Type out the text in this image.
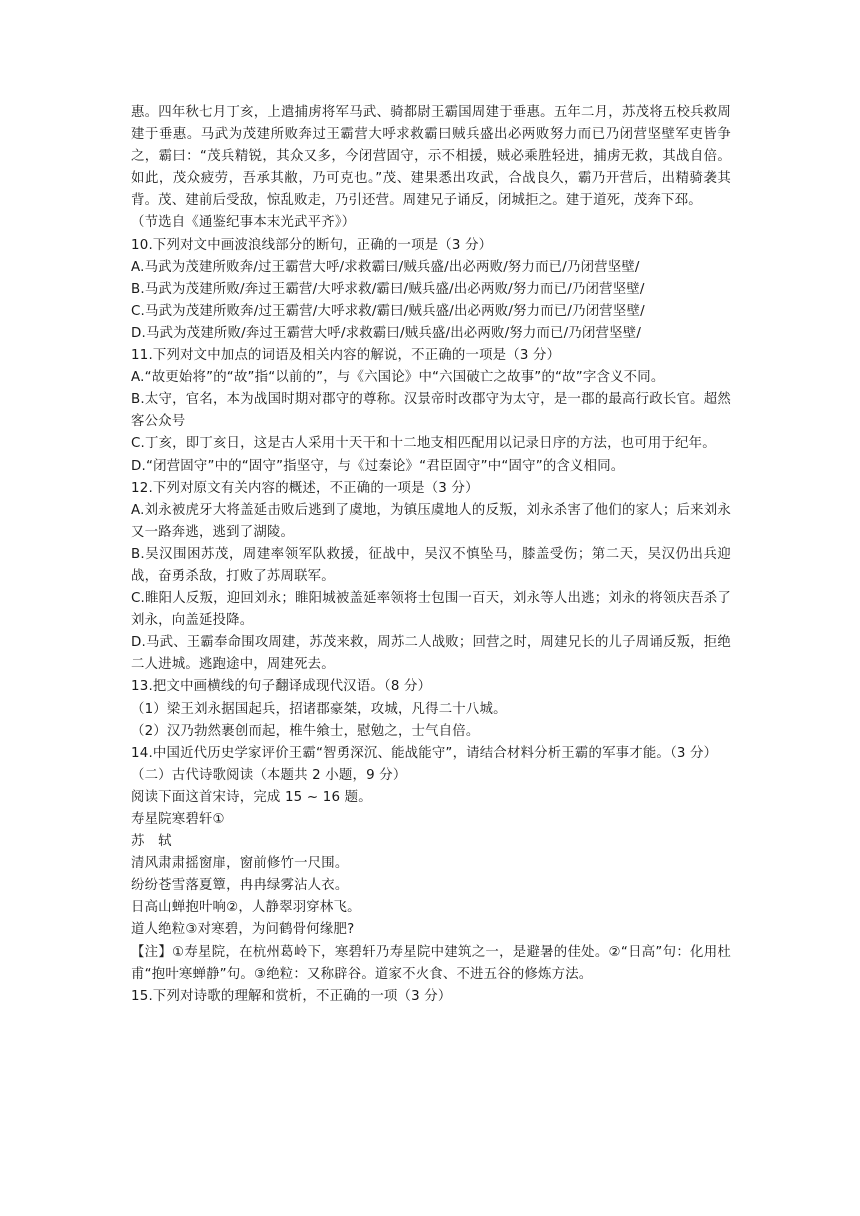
惠。四年秋七月丁亥，上遣捕虏将军马武、骑都尉王霸国周建于垂惠。五年二月，苏茂将五校兵救周建于垂惠。马武为茂建所败奔过王霸营大呼求救霸曰贼兵盛出必两败努力而已乃闭营坚壁军吏皆争之，霸曰：“茂兵精锐，其众又多，今闭营固守，示不相援，贼必乘胜轻进，捕虏无救，其战自倍。如此，茂众疲劳，吾承其敝，乃可克也。”茂、建果悉出攻武，合战良久，霸乃开营后，出精骑袭其背。茂、建前后受敌，惊乱败走，乃引还营。周建兄子诵反，闭城拒之。建于道死，茂奔下邳。

（节选自《通鉴纪事本末光武平齐》）

10.下列对文中画波浪线部分的断句，正确的一项是（3 分）

A.马武为茂建所败奔/过王霸营大呼/求救霸曰/贼兵盛/出必两败/努力而已/乃闭营坚壁/

B.马武为茂建所败/奔过王霸营/大呼求救/霸曰/贼兵盛/出必两败/努力而已/乃闭营坚壁/

C.马武为茂建所败奔/过王霸营/大呼求救/霸曰/贼兵盛/出必两败/努力而已/乃闭营坚壁/

D.马武为茂建所败/奔过王霸营大呼/求救霸曰/贼兵盛/出必两败/努力而已/乃闭营坚壁/

11.下列对文中加点的词语及相关内容的解说，不正确的一项是（3 分）

A.“故更始将”的“故”指“以前的”，与《六国论》中“六国破亡之故事”的“故”字含义不同。

B.太守，官名，本为战国时期对郡守的尊称。汉景帝时改郡守为太守，是一郡的最高行政长官。超然客公众号

C.丁亥，即丁亥日，这是古人采用十天干和十二地支相匹配用以记录日序的方法，也可用于纪年。

D.“闭营固守”中的“固守”指坚守，与《过秦论》“君臣固守”中“固守”的含义相同。

12.下列对原文有关内容的概述，不正确的一项是（3 分）

A.刘永被虎牙大将盖延击败后逃到了虞地，为镇压虞地人的反叛，刘永杀害了他们的家人；后来刘永又一路奔逃，逃到了湖陵。

B.吴汉围困苏茂，周建率领军队救援，征战中，吴汉不慎坠马，膝盖受伤；第二天，吴汉仍出兵迎战，奋勇杀敌，打败了苏周联军。

C.睢阳人反叛，迎回刘永；睢阳城被盖延率领将士包围一百天，刘永等人出逃；刘永的将领庆吾杀了刘永，向盖延投降。

D.马武、王霸奉命围攻周建，苏茂来救，周苏二人战败；回营之时，周建兄长的儿子周诵反叛，拒绝二人进城。逃跑途中，周建死去。

13.把文中画横线的句子翻译成现代汉语。（8 分）

（1）梁王刘永据国起兵，招诸郡豪桀，攻城，凡得二十八城。

（2）汉乃勃然裹创而起，椎牛飨士，慰勉之，士气自倍。

14.中国近代历史学家评价王霸“智勇深沉、能战能守”，请结合材料分析王霸的军事才能。（3 分）

（二）古代诗歌阅读（本题共 2 小题，9 分）

阅读下面这首宋诗，完成 15 ~ 16 题。

寿星院寒碧轩①

苏　轼

清风肃肃摇窗扉，窗前修竹一尺围。

纷纷苍雪落夏簟，冉冉绿雾沾人衣。

日高山蝉抱叶响②，人静翠羽穿林飞。

道人绝粒③对寒碧，为问鹤骨何缘肥?

【注】①寿星院，在杭州葛岭下，寒碧轩乃寿星院中建筑之一，是避暑的佳处。②“日高”句：化用杜甫“抱叶寒蝉静”句。③绝粒：又称辟谷。道家不火食、不进五谷的修炼方法。

15.下列对诗歌的理解和赏析，不正确的一项（3 分）
